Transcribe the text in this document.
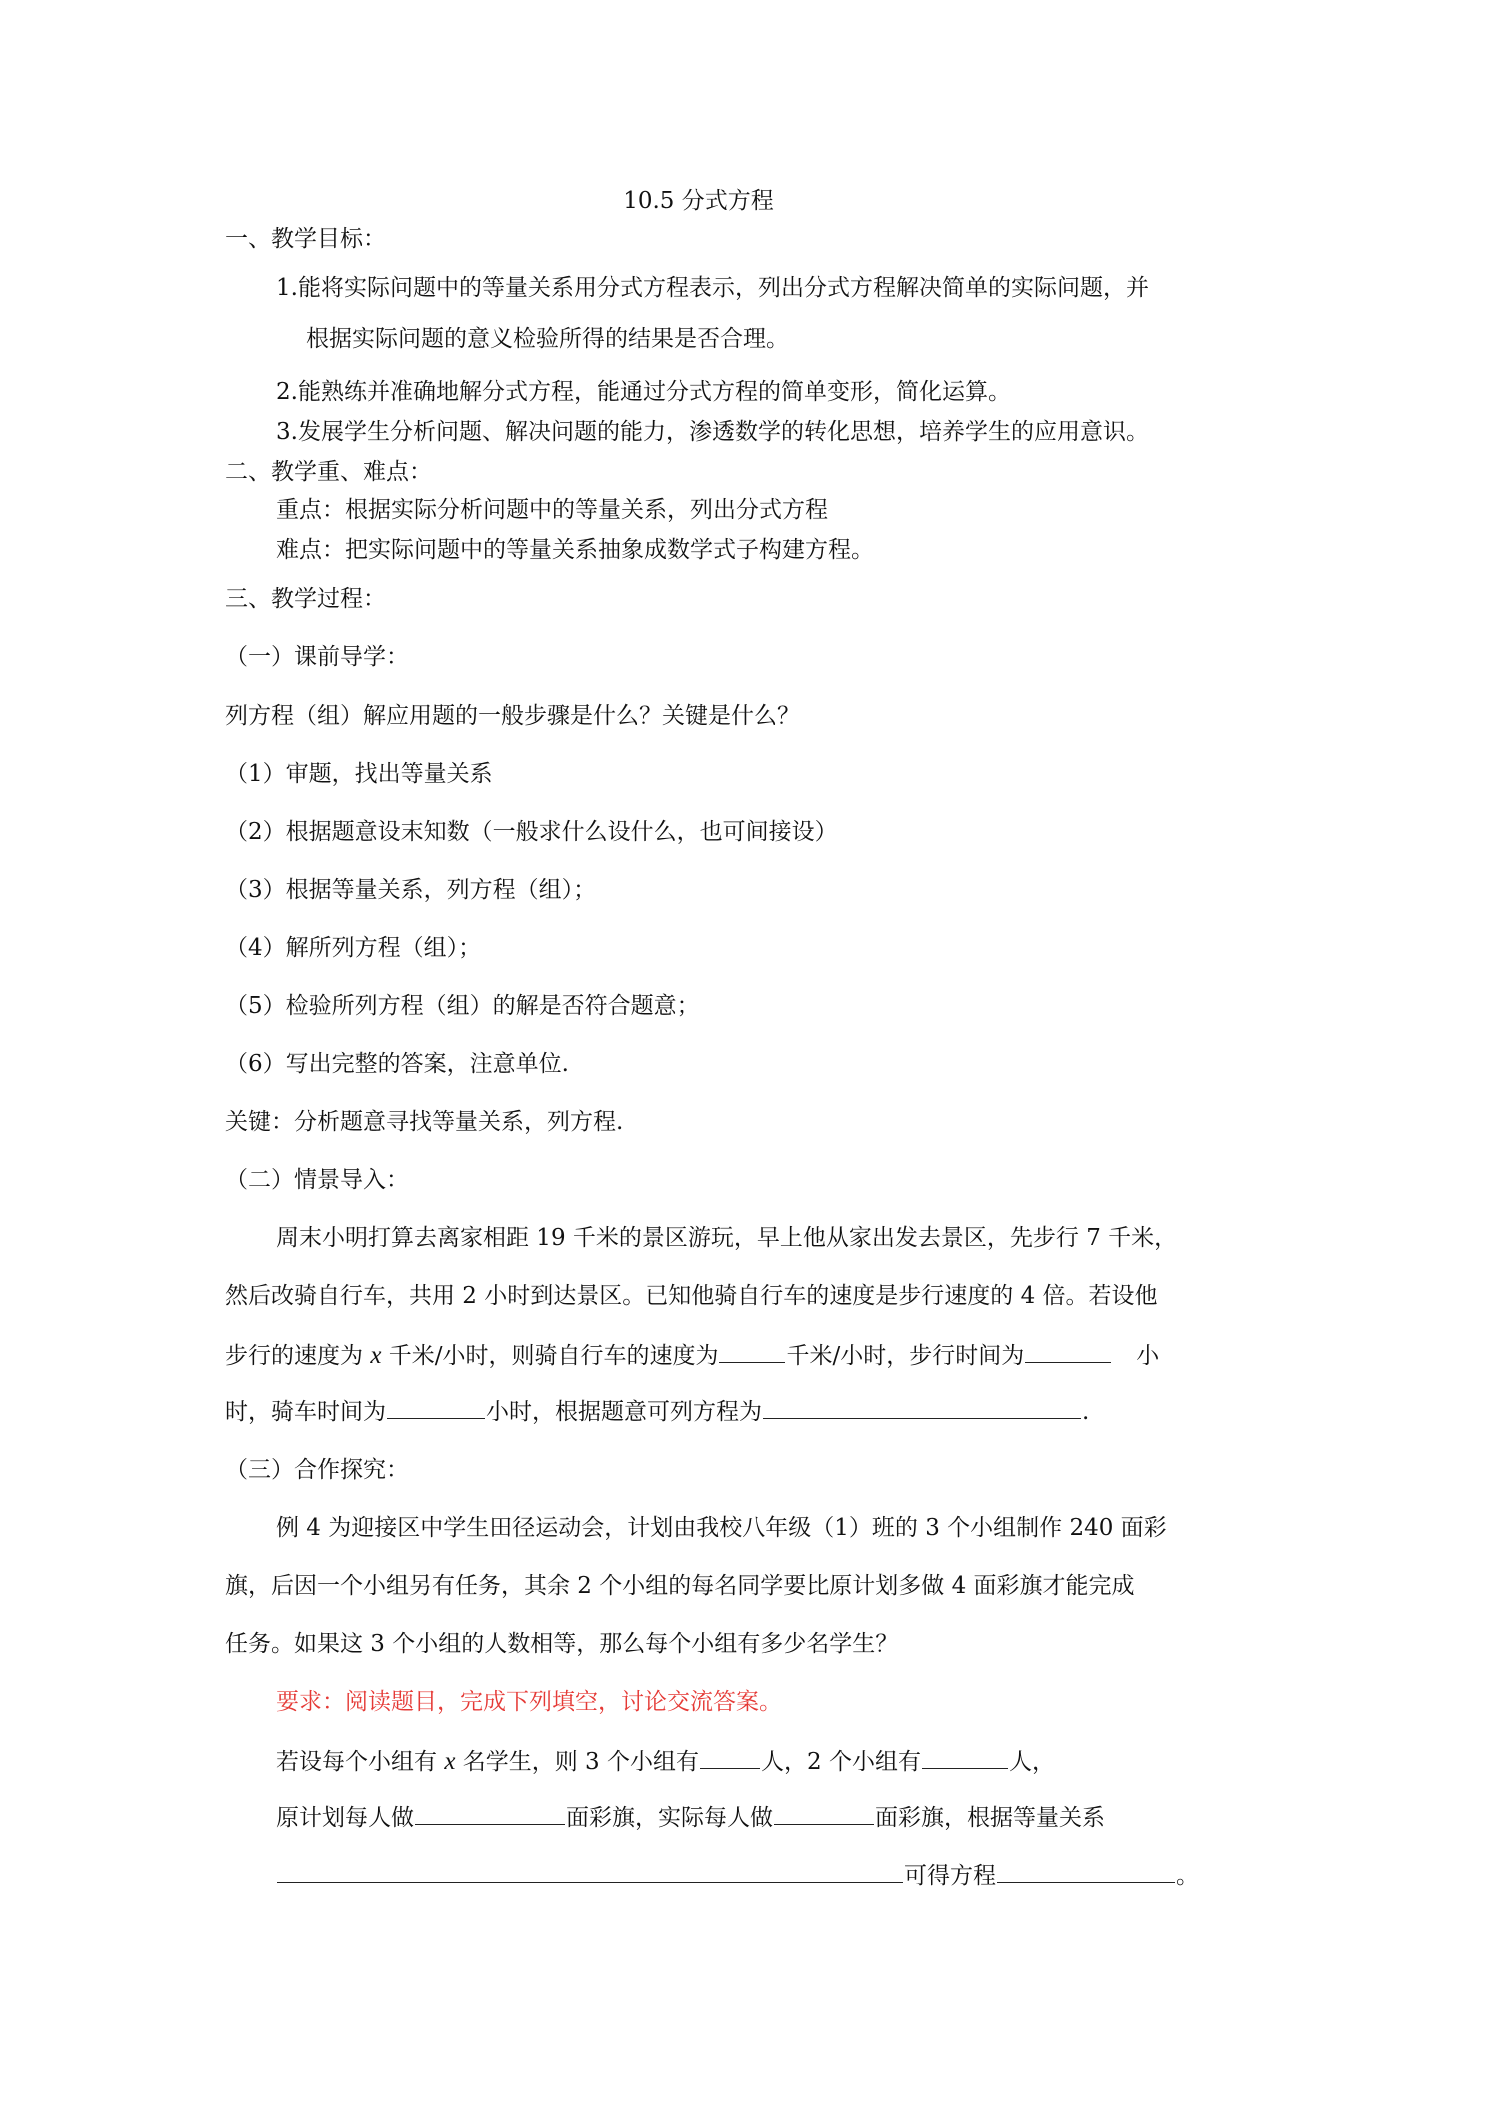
10.5 分式方程
一、教学目标：
1.能将实际问题中的等量关系用分式方程表示，列出分式方程解决简单的实际问题，并
根据实际问题的意义检验所得的结果是否合理。
2.能熟练并准确地解分式方程，能通过分式方程的简单变形，简化运算。
3.发展学生分析问题、解决问题的能力，渗透数学的转化思想，培养学生的应用意识。
二、教学重、难点：
重点：根据实际分析问题中的等量关系，列出分式方程
难点：把实际问题中的等量关系抽象成数学式子构建方程。
三、教学过程：
（一）课前导学：
列方程（组）解应用题的一般步骤是什么？关键是什么？
（1）审题，找出等量关系
（2）根据题意设末知数（一般求什么设什么，也可间接设）
（3）根据等量关系，列方程（组）；
（4）解所列方程（组）；
（5）检验所列方程（组）的解是否符合题意；
（6）写出完整的答案，注意单位.
关键：分析题意寻找等量关系，列方程.
（二）情景导入：
周末小明打算去离家相距 19 千米的景区游玩，早上他从家出发去景区，先步行 7 千米，
然后改骑自行车，共用 2 小时到达景区。已知他骑自行车的速度是步行速度的 4 倍。若设他
步行的速度为 x 千米/小时，则骑自行车的速度为	千米/小时，步行时间为	小
时，骑车时间为	小时，根据题意可列方程为	.
（三）合作探究：
例 4 为迎接区中学生田径运动会，计划由我校八年级（1）班的 3 个小组制作 240 面彩
旗，后因一个小组另有任务，其余 2 个小组的每名同学要比原计划多做 4 面彩旗才能完成
任务。如果这 3 个小组的人数相等，那么每个小组有多少名学生？
要求：阅读题目，完成下列填空，讨论交流答案。
若设每个小组有 x 名学生，则 3 个小组有	人，2 个小组有	人，
原计划每人做	面彩旗，实际每人做	面彩旗，根据等量关系
可得方程	。
